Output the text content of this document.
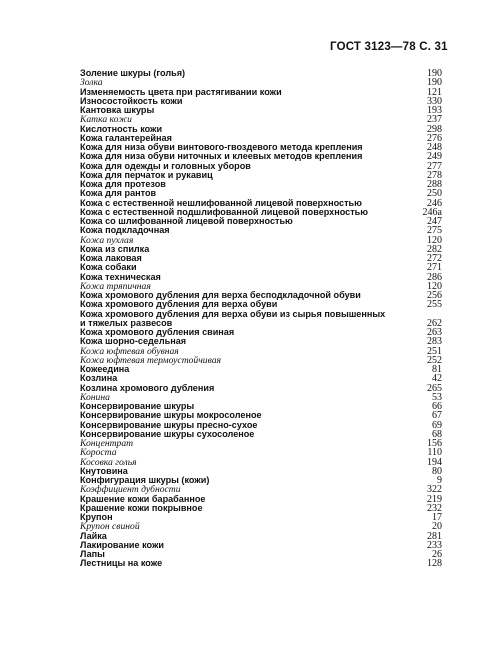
ГОСТ 3123—78 С. 31
Золение шкуры (голья)	190
Золка	190
Изменяемость цвета при растягивании кожи	121
Износостойкость кожи	330
Кантовка шкуры	193
Катка кожи	237
Кислотность кожи	298
Кожа галантерейная	276
Кожа для низа обуви винтового-гвоздевого метода крепления	248
Кожа для низа обуви ниточных и клеевых методов крепления	249
Кожа для одежды и головных уборов	277
Кожа для перчаток и рукавиц	278
Кожа для протезов	288
Кожа для рантов	250
Кожа с естественной нешлифованной лицевой поверхностью	246
Кожа с естественной подшлифованной лицевой поверхностью	246а
Кожа со шлифованной лицевой поверхностью	247
Кожа подкладочная	275
Кожа пухлая	120
Кожа из спилка	282
Кожа лаковая	272
Кожа собаки	271
Кожа техническая	286
Кожа тряпичная	120
Кожа хромового дубления для верха беcподкладочной обуви	256
Кожа хромового дубления для верха обуви	255
Кожа хромового дубления для верха обуви из сырья повышенных и тяжелых развесов	262
Кожа хромового дубления свиная	263
Кожа шорно-седельная	283
Кожа юфтевая обувная	251
Кожа юфтевая термоустойчивая	252
Кожеедина	81
Козлина	42
Козлина хромового дубления	265
Конина	53
Консервирование шкуры	66
Консервирование шкуры мокросоленое	67
Консервирование шкуры пресно-сухое	69
Консервирование шкуры сухосоленое	68
Концентрат	156
Короста	110
Косовка голья	194
Кнутовина	80
Конфигурация шкуры (кожи)	9
Коэффициент дубности	322
Крашение кожи барабанное	219
Крашение кожи покрывное	232
Крупон	17
Крупон свиной	20
Лайка	281
Лакирование кожи	233
Лапы	26
Лестницы на коже	128
